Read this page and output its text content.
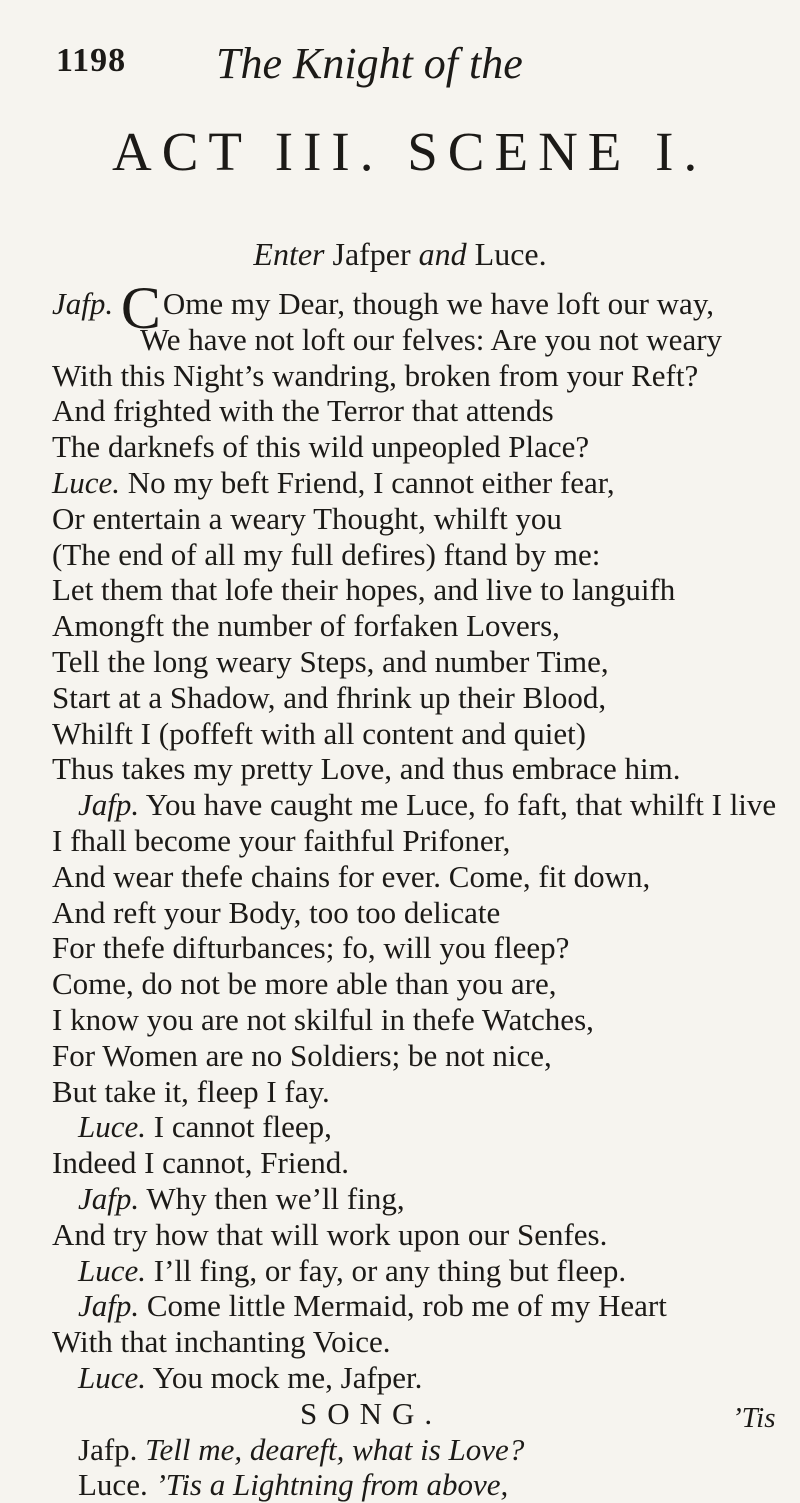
1198 The Knight of the
ACT III. SCENE I.
Enter Jafper and Luce.
Jafp. COme my Dear, though we have loft our way,
We have not loft our felves: Are you not weary
With this Night’s wandring, broken from your Reft?
And frighted with the Terror that attends
The darknefs of this wild unpeopled Place?
Luce. No my beft Friend, I cannot either fear,
Or entertain a weary Thought, whilft you
(The end of all my full defires) ftand by me:
Let them that lofe their hopes, and live to languifh
Amongft the number of forfaken Lovers,
Tell the long weary Steps, and number Time,
Start at a Shadow, and fhrink up their Blood,
Whilft I (poffeft with all content and quiet)
Thus takes my pretty Love, and thus embrace him.
Jafp. You have caught me Luce, fo faft, that whilft I live
I fhall become your faithful Prifoner,
And wear thefe chains for ever. Come, fit down,
And reft your Body, too too delicate
For thefe difturbances; fo, will you fleep?
Come, do not be more able than you are,
I know you are not skilful in thefe Watches,
For Women are no Soldiers; be not nice,
But take it, fleep I fay.
Luce. I cannot fleep,
Indeed I cannot, Friend.
Jafp. Why then we’ll fing,
And try how that will work upon our Senfes.
Luce. I’ll fing, or fay, or any thing but fleep.
Jafp. Come little Mermaid, rob me of my Heart
With that inchanting Voice.
Luce. You mock me, Jafper.
SONG.
Jafp. Tell me, deareft, what is Love?
Luce. ’Tis a Lightning from above,
’Tis
